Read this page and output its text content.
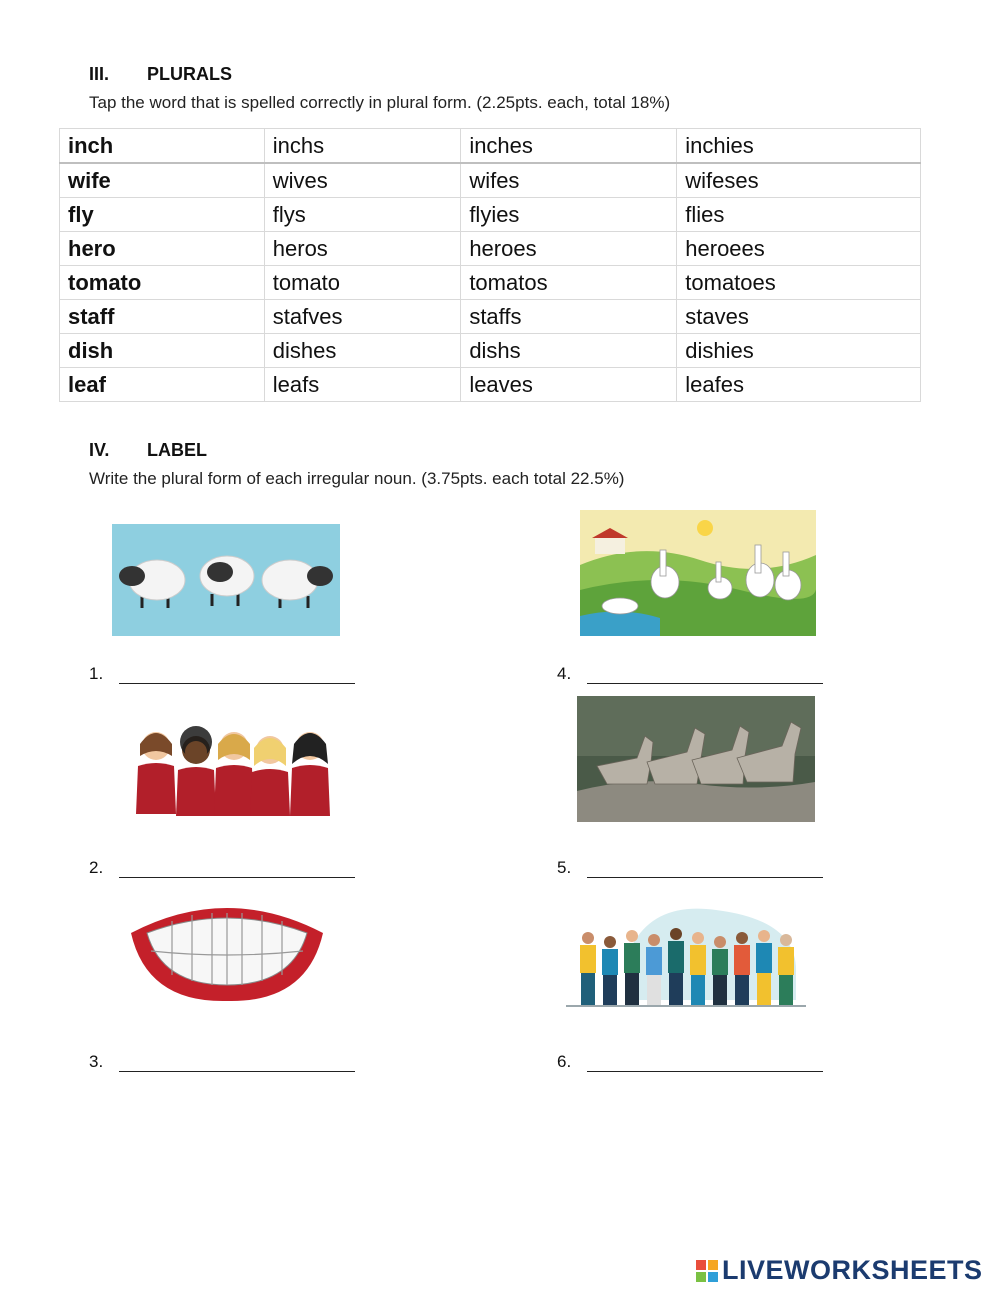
III. PLURALS
Tap the word that is spelled correctly in plural form. (2.25pts. each, total 18%)
inch	inchs	inches	inchies
wife	wives	wifes	wifeses
fly	flys	flyies	flies
hero	heros	heroes	heroees
tomato	tomato	tomatos	tomatoes
staff	stafves	staffs	staves
dish	dishes	dishs	dishies
leaf	leafs	leaves	leafes
IV. LABEL
Write the plural form of each irregular noun. (3.75pts. each total 22.5%)
1.	4.
2.	5.
3.	6.
LIVEWORKSHEETS
